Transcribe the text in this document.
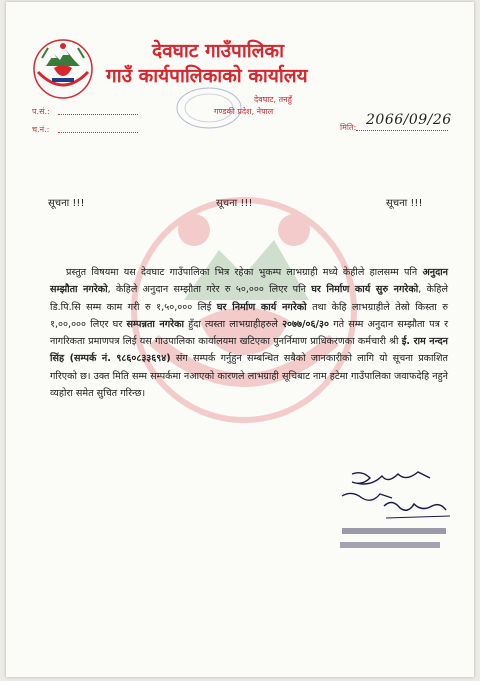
देवघाट गाउँपालिका
गाउँ कार्यपालिकाको कार्यालय
देवघाट, तनहुँ
गण्डकी प्रदेश, नेपाल
प.सं.:
च.नं.:	मिति: 2066/09/26
सूचना !!!	सूचना !!!	सूचना !!!

प्रस्तुत विषयमा यस देवघाट गाउँपालिका भित्र रहेका भुकम्प लाभग्राही मध्ये केहीले हालसम्म पनि अनुदान सम्झौता नगरेको, केहिले अनुदान सम्झौता गरेर रु ५०,००० लिएर पनि घर निर्माण कार्य सुरु नगरेको, केहिले डि.पि.सि सम्म काम गरी रु १,५०,००० लिई घर निर्माण कार्य नगरेको तथा केहि लाभग्राहीले तेस्रो किस्ता रु १,००,००० लिएर घर सम्पन्नता नगरेका हुँदा त्यस्ता लाभग्राहीहरुले २०७७/०६/३० गते सम्म अनुदान सम्झौता पत्र र नागरिकता प्रमाणपत्र लिई यस गाउपालिका कार्यालयमा खटिएका पुनर्निमाण प्राधिकरणका कर्मचारी श्री ई. राम नन्दन सिंह (सम्पर्क नं. ९८६०८३३६९४) संग सम्पर्क गर्नुहुन सम्बन्धित सबैको जानकारीको लागि यो सूचना प्रकाशित गरिएको छ। उक्त मिति सम्म सम्पर्कमा नआएको कारणले लाभग्राही सूचिबाट नाम हटेमा गाउँपालिका जवाफदेहि नहुने व्यहोरा समेत सुचित गरिन्छ।
